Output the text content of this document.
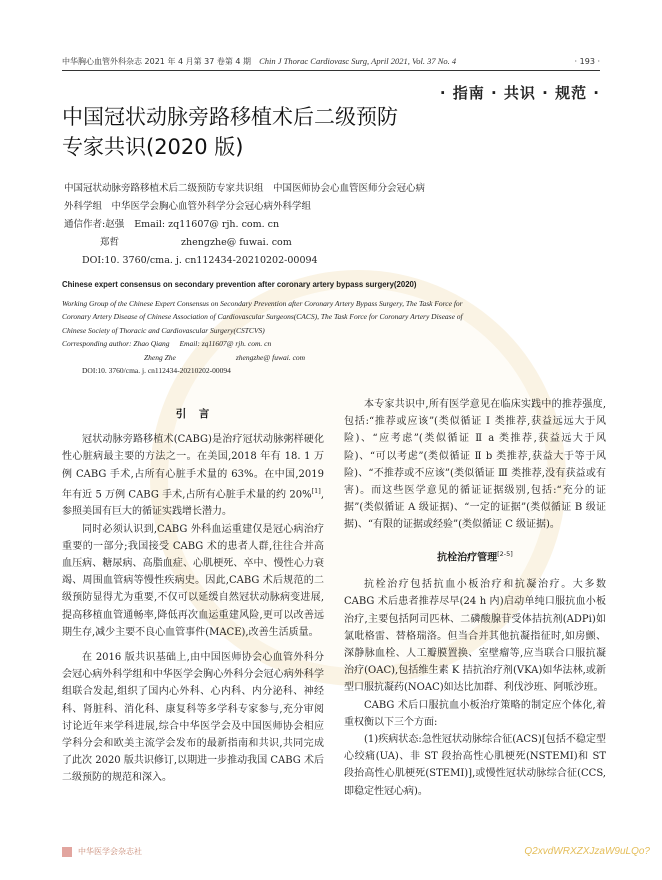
中华胸心血管外科杂志 2021 年 4 月第 37 卷第 4 期 Chin J Thorac Cardiovasc Surg, April 2021, Vol. 37 No. 4	· 193 ·
· 指南 · 共识 · 规范 ·
中国冠状动脉旁路移植术后二级预防
专家共识(2020 版)
中国冠状动脉旁路移植术后二级预防专家共识组　中国医师协会心血管医师分会冠心病
外科学组　中华医学会胸心血管外科学分会冠心病外科学组
通信作者:赵强 Email: zq11607@ rjh. com. cn
郑哲	zhengzhe@ fuwai. com
DOI:10. 3760/cma. j. cn112434-20210202-00094
Chinese expert consensus on secondary prevention after coronary artery bypass surgery(2020)
Working Group of the Chinese Expert Consensus on Secondary Prevention after Coronary Artery Bypass Surgery, The Task Force for
Coronary Artery Disease of Chinese Association of Cardiovascular Surgeons(CACS), The Task Force for Coronary Artery Disease of
Chinese Society of Thoracic and Cardiovascular Surgery(CSTCVS)
Corresponding author: Zhao Qiang Email: zq11607@ rjh. com. cn
Zheng Zhe	zhengzhe@ fuwai. com
DOI:10. 3760/cma. j. cn112434-20210202-00094
引　言

冠状动脉旁路移植术(CABG)是治疗冠状动脉粥样硬化性心脏病最主要的方法之一。在美国,2018 年有 18. 1 万例 CABG 手术,占所有心脏手术量的 63%。在中国,2019 年有近 5 万例 CABG 手术,占所有心脏手术量的约 20%[1],参照美国有巨大的循证实践增长潜力。

同时必须认识到,CABG 外科血运重建仅是冠心病治疗重要的一部分;我国接受 CABG 术的患者人群,往往合并高血压病、糖尿病、高脂血症、心肌梗死、卒中、慢性心力衰竭、周围血管病等慢性疾病史。因此,CABG 术后规范的二级预防显得尤为重要,不仅可以延缓自然冠状动脉病变进展,提高移植血管通畅率,降低再次血运重建风险,更可以改善远期生存,减少主要不良心血管事件(MACE),改善生活质量。

在 2016 版共识基础上,由中国医师协会心血管外科分会冠心病外科学组和中华医学会胸心外科分会冠心病外科学组联合发起,组织了国内心外科、心内科、内分泌科、神经科、肾脏科、消化科、康复科等多学科专家参与,充分审阅讨论近年来学科进展,综合中华医学会及中国医师协会相应学科分会和欧美主流学会发布的最新指南和共识,共同完成了此次 2020 版共识修订,以期进一步推动我国 CABG 术后二级预防的规范和深入。

本专家共识中,所有医学意见在临床实践中的推荐强度,包括:“推荐或应该”(类似循证 Ⅰ 类推荐,获益远远大于风险)、“应考虑”(类似循证 Ⅱ a 类推荐,获益远大于风险)、“可以考虑”(类似循证 Ⅱ b 类推荐,获益大于等于风险)、“不推荐或不应该”(类似循证 Ⅲ 类推荐,没有获益或有害)。而这些医学意见的循证证据级别,包括:“充分的证据”(类似循证 A 级证据)、“一定的证据”(类似循证 B 级证据)、“有限的证据或经验”(类似循证 C 级证据)。

抗栓治疗管理[2-5]

抗栓治疗包括抗血小板治疗和抗凝治疗。大多数 CABG 术后患者推荐尽早(24 h 内)启动单纯口服抗血小板治疗,主要包括阿司匹林、二磷酸腺苷受体拮抗剂(ADPi)如氯吡格雷、替格瑞洛。但当合并其他抗凝指征时,如房颤、深静脉血栓、人工瓣膜置换、室壁瘤等,应当联合口服抗凝治疗(OAC),包括维生素 K 拮抗治疗剂(VKA)如华法林,或新型口服抗凝药(NOAC)如达比加群、利伐沙班、阿哌沙班。

CABG 术后口服抗血小板治疗策略的制定应个体化,着重权衡以下三个方面:

(1)疾病状态:急性冠状动脉综合征(ACS)[包括不稳定型心绞痛(UA)、非 ST 段抬高性心肌梗死(NSTEMI)和 ST 段抬高性心肌梗死(STEMI)],或慢性冠状动脉综合征(CCS,即稳定性冠心病)。

中华医学会杂志社	Q2xvdWRXZXJzaW9uLQo?
